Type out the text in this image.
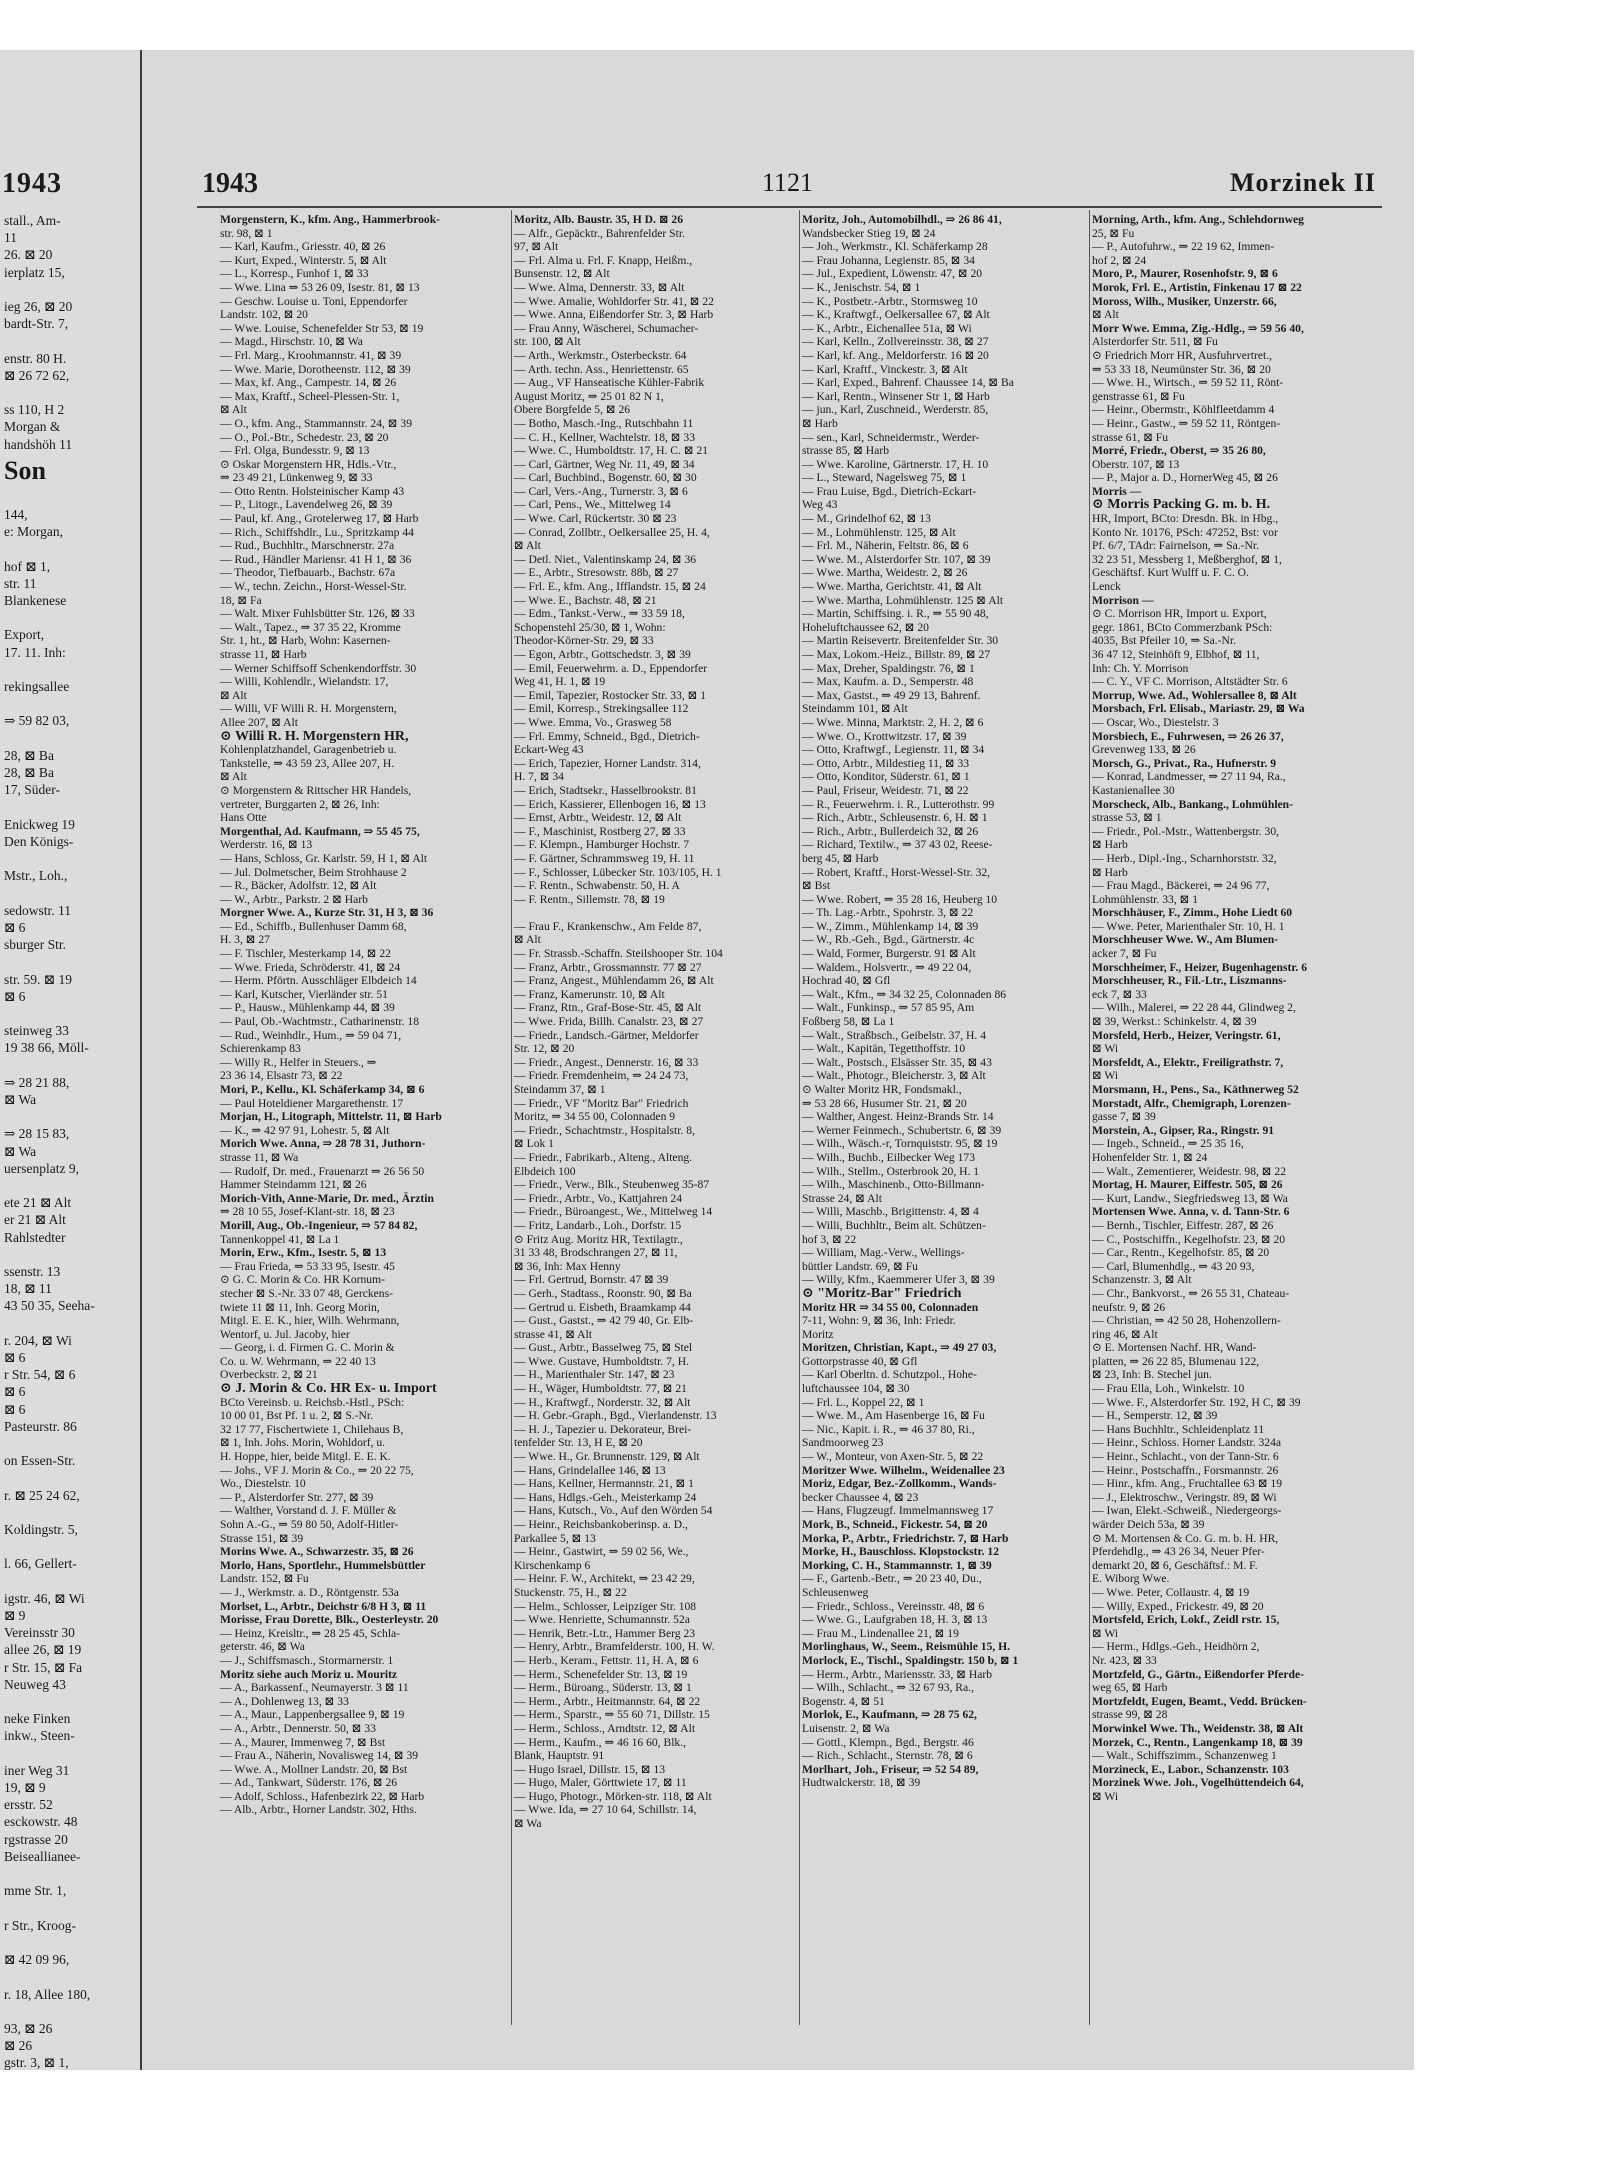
1943
stall., Am-
11
26. ⊠ 20
ierplatz 15,

ieg 26, ⊠ 20
bardt-Str. 7,

enstr. 80 H.
⊠ 26 72 62,

ss 110, H 2
Morgan &
handshöh 11
Son

144,
e: Morgan,

hof ⊠ 1,
str. 11
Blankenese

Export,
17. 11. Inh:

rekingsallee

⇒ 59 82 03,

28, ⊠ Ba
28, ⊠ Ba
17, Süder-

Enickweg 19
Den Königs-

Mstr., Loh.,

sedowstr. 11
⊠ 6
sburger Str.

str. 59. ⊠ 19
⊠ 6

steinweg 33
19 38 66, Möll-

⇒ 28 21 88,
⊠ Wa

⇒ 28 15 83,
⊠ Wa
uersenplatz 9,

ete 21 ⊠ Alt
er 21 ⊠ Alt
Rahlstedter

ssenstr. 13
18, ⊠ 11
43 50 35, Seeha-

r. 204, ⊠ Wi
⊠ 6
r Str. 54, ⊠ 6
⊠ 6
⊠ 6
Pasteurstr. 86

on Essen-Str.

r. ⊠ 25 24 62,

Koldingstr. 5,

l. 66, Gellert-

igstr. 46, ⊠ Wi
⊠ 9
Vereinsstr 30
allee 26, ⊠ 19
r Str. 15, ⊠ Fa
Neuweg 43

neke Finken
inkw., Steen-

iner Weg 31
19, ⊠ 9
ersstr. 52
esckowstr. 48
rgstrasse 20
Beiseallianee-

mme Str. 1,

r Str., Kroog-

⊠ 42 09 96,

r. 18, Allee 180,

93, ⊠ 26
⊠ 26
gstr. 3, ⊠ 1,
1943	1121	Morzinek II
Morgenstern, K., kfm. Ang., Hammerbrook-
str. 98, ⊠ 1
— Karl, Kaufm., Griesstr. 40, ⊠ 26
— Kurt, Exped., Winterstr. 5, ⊠ Alt
— L., Korresp., Funhof 1, ⊠ 33
— Wwe. Lina ⇒ 53 26 09, Isestr. 81, ⊠ 13
— Geschw. Louise u. Toni, Eppendorfer
Landstr. 102, ⊠ 20
— Wwe. Louise, Schenefelder Str 53, ⊠ 19
— Magd., Hirschstr. 10, ⊠ Wa
— Frl. Marg., Kroohmannstr. 41, ⊠ 39
— Wwe. Marie, Dorotheenstr. 112, ⊠ 39
— Max, kf. Ang., Campestr. 14, ⊠ 26
— Max, Kraftf., Scheel-Plessen-Str. 1,
⊠ Alt
— O., kfm. Ang., Stammannstr. 24, ⊠ 39
— O., Pol.-Btr., Schedestr. 23, ⊠ 20
— Frl. Olga, Bundesstr. 9, ⊠ 13
⊙ Oskar Morgenstern HR, Hdls.-Vtr.,
⇒ 23 49 21, Lünkenweg 9, ⊠ 33
— Otto Rentn. Holsteinischer Kamp 43
— P., Litogr., Lavendelweg 26, ⊠ 39
— Paul, kf. Ang., Grotelerweg 17, ⊠ Harb
— Rich., Schiffshdlr., Lu., Spritzkamp 44
— Rud., Buchhltr., Marschnerstr. 27a
— Rud., Händler Mariensr. 41 H 1, ⊠ 36
— Theodor, Tiefbauarb., Bachstr. 67a
— W., techn. Zeichn., Horst-Wessel-Str.
18, ⊠ Fa
— Walt. Mixer Fuhlsbütter Str. 126, ⊠ 33
— Walt., Tapez., ⇒ 37 35 22, Kromme
Str. 1, ht., ⊠ Harb, Wohn: Kasernen-
strasse 11, ⊠ Harb
— Werner Schiffsoff Schenkendorffstr. 30
— Willi, Kohlendlr., Wielandstr. 17,
⊠ Alt
— Willi, VF Willi R. H. Morgenstern,
Allee 207, ⊠ Alt
⊙ Willi R. H. Morgenstern HR,
Kohlenplatzhandel, Garagenbetrieb u.
Tankstelle, ⇒ 43 59 23, Allee 207, H.
⊠ Alt
⊙ Morgenstern & Rittscher HR Handels,
vertreter, Burggarten 2, ⊠ 26, Inh:
Hans Otte
Morgenthal, Ad. Kaufmann, ⇒ 55 45 75,
Werderstr. 16, ⊠ 13
— Hans, Schloss, Gr. Karlstr. 59, H 1, ⊠ Alt
— Jul. Dolmetscher, Beim Strohhause 2
— R., Bäcker, Adolfstr. 12, ⊠ Alt
— W., Arbtr., Parkstr. 2 ⊠ Harb
Morgner Wwe. A., Kurze Str. 31, H 3, ⊠ 36
— Ed., Schiffb., Bullenhuser Damm 68,
H. 3, ⊠ 27
— F. Tischler, Mesterkamp 14, ⊠ 22
— Wwe. Frieda, Schröderstr. 41, ⊠ 24
— Herm. Pförtn. Ausschläger Elbdeich 14
— Karl, Kutscher, Vierländer str. 51
— P., Hausw., Mühlenkamp 44, ⊠ 39
— Paul, Ob.-Wachtmstr., Catharinenstr. 18
— Rud., Weinhdlr., Hum., ⇒ 59 04 71,
Schierenkamp 83
— Willy R., Helfer in Steuers., ⇒
23 36 14, Elsastr 73, ⊠ 22
Mori, P., Kellu., Kl. Schäferkamp 34, ⊠ 6
— Paul Hoteldiener Margarethenstr. 17
Morjan, H., Litograph, Mittelstr. 11, ⊠ Harb
— K., ⇒ 42 97 91, Lohestr. 5, ⊠ Alt
Morich Wwe. Anna, ⇒ 28 78 31, Juthorn-
strasse 11, ⊠ Wa
— Rudolf, Dr. med., Frauenarzt ⇒ 26 56 50
Hammer Steindamm 121, ⊠ 26
Morich-Vith, Anne-Marie, Dr. med., Ärztin
⇒ 28 10 55, Josef-Klant-str. 18, ⊠ 23
Morill, Aug., Ob.-Ingenieur, ⇒ 57 84 82,
Tannenkoppel 41, ⊠ La 1
Morin, Erw., Kfm., Isestr. 5, ⊠ 13
— Frau Frieda, ⇒ 53 33 95, Isestr. 45
⊙ G. C. Morin & Co. HR Kornum-
stecher ⊠ S.-Nr. 33 07 48, Gerckens-
twiete 11 ⊠ 11, Inh. Georg Morin,
Mitgl. E. E. K., hier, Wilh. Wehrmann,
Wentorf, u. Jul. Jacoby, hier
— Georg, i. d. Firmen G. C. Morin &
Co. u. W. Wehrmann, ⇒ 22 40 13
Overbeckstr. 2, ⊠ 21
⊙ J. Morin & Co. HR Ex- u. Import
BCto Vereinsb. u. Reichsb.-Hstl., PSch:
10 00 01, Bst Pf. 1 u. 2, ⊠ S.-Nr.
32 17 77, Fischertwiete 1, Chilehaus B,
⊠ 1, Inh. Johs. Morin, Wohldorf, u.
H. Hoppe, hier, beide Mitgl. E. E. K.
— Johs., VF J. Morin & Co., ⇒ 20 22 75,
Wo., Diestelstr. 10
— P., Alsterdorfer Str. 277, ⊠ 39
— Walther, Vorstand d. J. F. Müller &
Sohn A.-G., ⇒ 59 80 50, Adolf-Hitler-
Strasse 151, ⊠ 39
Morins Wwe. A., Schwarzestr. 35, ⊠ 26
Morlo, Hans, Sportlehr., Hummelsbüttler
Landstr. 152, ⊠ Fu
— J., Werkmstr. a. D., Röntgenstr. 53a
Morlset, L., Arbtr., Deichstr 6/8 H 3, ⊠ 11
Morisse, Frau Dorette, Blk., Oesterleystr. 20
— Heinz, Kreisltr., ⇒ 28 25 45, Schla-
geterstr. 46, ⊠ Wa
— J., Schiffsmasch., Stormarnerstr. 1
Moritz siehe auch Moriz u. Mouritz
— A., Barkassenf., Neumayerstr. 3 ⊠ 11
— A., Dohlenweg 13, ⊠ 33
— A., Maur., Lappenbergsallee 9, ⊠ 19
— A., Arbtr., Dennerstr. 50, ⊠ 33
— A., Maurer, Immenweg 7, ⊠ Bst
— Frau A., Näherin, Novalisweg 14, ⊠ 39
— Wwe. A., Mollner Landstr. 20, ⊠ Bst
— Ad., Tankwart, Süderstr. 176, ⊠ 26
— Adolf, Schloss., Hafenbezirk 22, ⊠ Harb
— Alb., Arbtr., Horner Landstr. 302, Hths.
Moritz, Alb. Baustr. 35, H D. ⊠ 26
— Alfr., Gepäcktr., Bahrenfelder Str.
97, ⊠ Alt
— Frl. Alma u. Frl. F. Knapp, Heißm.,
Bunsenstr. 12, ⊠ Alt
— Wwe. Alma, Dennerstr. 33, ⊠ Alt
— Wwe. Amalie, Wohldorfer Str. 41, ⊠ 22
— Wwe. Anna, Eißendorfer Str. 3, ⊠ Harb
— Frau Anny, Wäscherei, Schumacher-
str. 100, ⊠ Alt
— Arth., Werkmstr., Osterbeckstr. 64
— Arth. techn. Ass., Henriettenstr. 65
— Aug., VF Hanseatische Kühler-Fabrik
August Moritz, ⇒ 25 01 82 N 1,
Obere Borgfelde 5, ⊠ 26
— Botho, Masch.-Ing., Rutschbahn 11
— C. H., Kellner, Wachtelstr. 18, ⊠ 33
— Wwe. C., Humboldtstr. 17, H. C. ⊠ 21
— Carl, Gärtner, Weg Nr. 11, 49, ⊠ 34
— Carl, Buchbind., Bogenstr. 60, ⊠ 30
— Carl, Vers.-Ang., Turnerstr. 3, ⊠ 6
— Carl, Pens., We., Mittelweg 14
— Wwe. Carl, Rückertstr. 30 ⊠ 23
— Conrad, Zollbtr., Oelkersallee 25, H. 4,
⊠ Alt
— Detl. Niet., Valentinskamp 24, ⊠ 36
— E., Arbtr., Stresowstr. 88b, ⊠ 27
— Frl. E., kfm. Ang., Ifflandstr. 15, ⊠ 24
— Wwe. E., Bachstr. 48, ⊠ 21
— Edm., Tankst.-Verw., ⇒ 33 59 18,
Schopenstehl 25/30, ⊠ 1, Wohn:
Theodor-Körner-Str. 29, ⊠ 33
— Egon, Arbtr., Gottschedstr. 3, ⊠ 39
— Emil, Feuerwehrm. a. D., Eppendorfer
Weg 41, H. 1, ⊠ 19
— Emil, Tapezier, Rostocker Str. 33, ⊠ 1
— Emil, Korresp., Strekingsallee 112
— Wwe. Emma, Vo., Grasweg 58
— Frl. Emmy, Schneid., Bgd., Dietrich-
Eckart-Weg 43
— Erich, Tapezier, Horner Landstr. 314,
H. 7, ⊠ 34
— Erich, Stadtsekr., Hasselbrookstr. 81
— Erich, Kassierer, Ellenbogen 16, ⊠ 13
— Ernst, Arbtr., Weidestr. 12, ⊠ Alt
— F., Maschinist, Rostberg 27, ⊠ 33
— F. Klempn., Hamburger Hochstr. 7
— F. Gärtner, Schrammsweg 19, H. 11
— F., Schlosser, Lübecker Str. 103/105, H. 1
— F. Rentn., Schwabenstr. 50, H. A
— F. Rentn., Sillemstr. 78, ⊠ 19

— Frau F., Krankenschw., Am Felde 87,
⊠ Alt
— Fr. Strassb.-Schaffn. Steilshooper Str. 104
— Franz, Arbtr., Grossmannstr. 77 ⊠ 27
— Franz, Angest., Mühlendamm 26, ⊠ Alt
— Franz, Kamerunstr. 10, ⊠ Alt
— Franz, Rtn., Graf-Bose-Str. 45, ⊠ Alt
— Wwe. Frida, Billh. Canalstr. 23, ⊠ 27
— Friedr., Landsch.-Gärtner, Meldorfer
Str. 12, ⊠ 20
— Friedr., Angest., Dennerstr. 16, ⊠ 33
— Friedr. Fremdenheim, ⇒ 24 24 73,
Steindamm 37, ⊠ 1
— Friedr., VF "Moritz Bar" Friedrich
Moritz, ⇒ 34 55 00, Colonnaden 9
— Friedr., Schachtmstr., Hospitalstr. 8,
⊠ Lok 1
— Friedr., Fabrikarb., Alteng., Alteng.
Elbdeich 100
— Friedr., Verw., Blk., Steubenweg 35-87
— Friedr., Arbtr., Vo., Kattjahren 24
— Friedr., Büroangest., We., Mittelweg 14
— Fritz, Landarb., Loh., Dorfstr. 15
⊙ Fritz Aug. Moritz HR, Textilagtr.,
31 33 48, Brodschrangen 27, ⊠ 11,
⊠ 36, Inh: Max Henny
— Frl. Gertrud, Bornstr. 47 ⊠ 39
— Gerh., Stadtass., Roonstr. 90, ⊠ Ba
— Gertrud u. Eisbeth, Braamkamp 44
— Gust., Gastst., ⇒ 42 79 40, Gr. Elb-
strasse 41, ⊠ Alt
— Gust., Arbtr., Basselweg 75, ⊠ Stel
— Wwe. Gustave, Humboldtstr. 7, H.
— H., Marienthaler Str. 147, ⊠ 23
— H., Wäger, Humboldtstr. 77, ⊠ 21
— H., Kraftwgf., Norderstr. 32, ⊠ Alt
— H. Gebr.-Graph., Bgd., Vierlandenstr. 13
— H. J., Tapezier u. Dekorateur, Brei-
tenfelder Str. 13, H E, ⊠ 20
— Wwe. H., Gr. Brunnenstr. 129, ⊠ Alt
— Hans, Grindelallee 146, ⊠ 13
— Hans, Kellner, Hermannstr. 21, ⊠ 1
— Hans, Hdlgs.-Geh., Meisterkamp 24
— Hans, Kutsch., Vo., Auf den Wörden 54
— Heinr., Reichsbankoberinsp. a. D.,
Parkallee 5, ⊠ 13
— Heinr., Gastwirt, ⇒ 59 02 56, We.,
Kirschenkamp 6
— Heinr. F. W., Architekt, ⇒ 23 42 29,
Stuckenstr. 75, H., ⊠ 22
— Helm., Schlosser, Leipziger Str. 108
— Wwe. Henriette, Schumannstr. 52a
— Henrik, Betr.-Ltr., Hammer Berg 23
— Henry, Arbtr., Bramfelderstr. 100, H. W.
— Herb., Keram., Fettstr. 11, H. A, ⊠ 6
— Herm., Schenefelder Str. 13, ⊠ 19
— Herm., Büroang., Süderstr. 13, ⊠ 1
— Herm., Arbtr., Heitmannstr. 64, ⊠ 22
— Herm., Sparstr., ⇒ 55 60 71, Dillstr. 15
— Herm., Schloss., Arndtstr. 12, ⊠ Alt
— Herm., Kaufm., ⇒ 46 16 60, Blk.,
Blank, Hauptstr. 91
— Hugo Israel, Dillstr. 15, ⊠ 13
— Hugo, Maler, Görttwiete 17, ⊠ 11
— Hugo, Photogr., Mörken-str. 118, ⊠ Alt
— Wwe. Ida, ⇒ 27 10 64, Schillstr. 14,
⊠ Wa
Moritz, Joh., Automobilhdl., ⇒ 26 86 41,
Wandsbecker Stieg 19, ⊠ 24
— Joh., Werkmstr., Kl. Schäferkamp 28
— Frau Johanna, Legienstr. 85, ⊠ 34
— Jul., Expedient, Löwenstr. 47, ⊠ 20
— K., Jenischstr. 54, ⊠ 1
— K., Postbetr.-Arbtr., Stormsweg 10
— K., Kraftwgf., Oelkersallee 67, ⊠ Alt
— K., Arbtr., Eichenallee 51a, ⊠ Wi
— Karl, Kelln., Zollvereinsstr. 38, ⊠ 27
— Karl, kf. Ang., Meldorferstr. 16 ⊠ 20
— Karl, Kraftf., Vinckestr. 3, ⊠ Alt
— Karl, Exped., Bahrenf. Chaussee 14, ⊠ Ba
— Karl, Rentn., Winsener Str 1, ⊠ Harb
— jun., Karl, Zuschneid., Werderstr. 85,
⊠ Harb
— sen., Karl, Schneidermstr., Werder-
strasse 85, ⊠ Harb
— Wwe. Karoline, Gärtnerstr. 17, H. 10
— L., Steward, Nagelsweg 75, ⊠ 1
— Frau Luise, Bgd., Dietrich-Eckart-
Weg 43
— M., Grindelhof 62, ⊠ 13
— M., Lohmühlenstr. 125, ⊠ Alt
— Frl. M., Näherin, Feltstr. 86, ⊠ 6
— Wwe. M., Alsterdorfer Str. 107, ⊠ 39
— Wwe. Martha, Weidestr. 2, ⊠ 26
— Wwe. Martha, Gerichtstr. 41, ⊠ Alt
— Wwe. Martha, Lohmühlenstr. 125 ⊠ Alt
— Martin, Schiffsing. i. R., ⇒ 55 90 48,
Hoheluftchaussee 62, ⊠ 20
— Martin Reisevertr. Breitenfelder Str. 30
— Max, Lokom.-Heiz., Billstr. 89, ⊠ 27
— Max, Dreher, Spaldingstr. 76, ⊠ 1
— Max, Kaufm. a. D., Semperstr. 48
— Max, Gastst., ⇒ 49 29 13, Bahrenf.
Steindamm 101, ⊠ Alt
— Wwe. Minna, Marktstr. 2, H. 2, ⊠ 6
— Wwe. O., Krottwitzstr. 17, ⊠ 39
— Otto, Kraftwgf., Legienstr. 11, ⊠ 34
— Otto, Arbtr., Mildestieg 11, ⊠ 33
— Otto, Konditor, Süderstr. 61, ⊠ 1
— Paul, Friseur, Weidestr. 71, ⊠ 22
— R., Feuerwehrm. i. R., Lutterothstr. 99
— Rich., Arbtr., Schleusenstr. 6, H. ⊠ 1
— Rich., Arbtr., Bullerdeich 32, ⊠ 26
— Richard, Textilw., ⇒ 37 43 02, Reese-
berg 45, ⊠ Harb
— Robert, Kraftf., Horst-Wessel-Str. 32,
⊠ Bst
— Wwe. Robert, ⇒ 35 28 16, Heuberg 10
— Th. Lag.-Arbtr., Spohrstr. 3, ⊠ 22
— W., Zimm., Mühlenkamp 14, ⊠ 39
— W., Rb.-Geh., Bgd., Gärtnerstr. 4c
— Wald, Former, Burgerstr. 91 ⊠ Alt
— Waldem., Holsvertr., ⇒ 49 22 04,
Hochrad 40, ⊠ Gfl
— Walt., Kfm., ⇒ 34 32 25, Colonnaden 86
— Walt., Funkinsp., ⇒ 57 85 95, Am
Foßberg 58, ⊠ La 1
— Walt., Straßbsch., Geibelstr. 37, H. 4
— Walt., Kapitän, Tegetthoffstr. 10
— Walt., Postsch., Elsässer Str. 35, ⊠ 43
— Walt., Photogr., Bleicherstr. 3, ⊠ Alt
⊙ Walter Moritz HR, Fondsmakl.,
⇒ 53 28 66, Husumer Str. 21, ⊠ 20
— Walther, Angest. Heinz-Brands Str. 14
— Werner Feinmech., Schubertstr. 6, ⊠ 39
— Wilh., Wäsch.-r, Tornquiststr. 95, ⊠ 19
— Wilh., Buchb., Eilbecker Weg 173
— Wilh., Stellm., Osterbrook 20, H. 1
— Wilh., Maschinenb., Otto-Billmann-
Strasse 24, ⊠ Alt
— Willi, Maschb., Brigittenstr. 4, ⊠ 4
— Willi, Buchhltr., Beim alt. Schützen-
hof 3, ⊠ 22
— William, Mag.-Verw., Wellings-
büttler Landstr. 69, ⊠ Fu
— Willy, Kfm., Kaemmerer Ufer 3, ⊠ 39
⊙ "Moritz-Bar" Friedrich
Moritz HR ⇒ 34 55 00, Colonnaden
7-11, Wohn: 9, ⊠ 36, Inh: Friedr.
Moritz
Moritzen, Christian, Kapt., ⇒ 49 27 03,
Gottorpstrasse 40, ⊠ Gfl
— Karl Oberltn. d. Schutzpol., Hohe-
luftchaussee 104, ⊠ 30
— Frl. L., Koppel 22, ⊠ 1
— Wwe. M., Am Hasenberge 16, ⊠ Fu
— Nic., Kapit. i. R., ⇒ 46 37 80, Ri.,
Sandmoorweg 23
— W., Monteur, von Axen-Str. 5, ⊠ 22
Moritzer Wwe. Wilhelm., Weidenallee 23
Moriz, Edgar, Bez.-Zollkomm., Wands-
becker Chaussee 4, ⊠ 23
— Hans, Flugzeugf. Immelmannsweg 17
Mork, B., Schneid., Fickestr. 54, ⊠ 20
Morka, P., Arbtr., Friedrichstr. 7, ⊠ Harb
Morke, H., Bauschloss. Klopstockstr. 12
Morking, C. H., Stammannstr. 1, ⊠ 39
— F., Gartenb.-Betr., ⇒ 20 23 40, Du.,
Schleusenweg
— Friedr., Schloss., Vereinsstr. 48, ⊠ 6
— Wwe. G., Laufgraben 18, H. 3, ⊠ 13
— Frau M., Lindenallee 21, ⊠ 19
Morlinghaus, W., Seem., Reismühle 15, H.
Morlock, E., Tischl., Spaldingstr. 150 b, ⊠ 1
— Herm., Arbtr., Mariensstr. 33, ⊠ Harb
— Wilh., Schlacht., ⇒ 32 67 93, Ra.,
Bogenstr. 4, ⊠ 51
Morlok, E., Kaufmann, ⇒ 28 75 62,
Luisenstr. 2, ⊠ Wa
— Gottl., Klempn., Bgd., Bergstr. 46
— Rich., Schlacht., Sternstr. 78, ⊠ 6
Morlhart, Joh., Friseur, ⇒ 52 54 89,
Hudtwalckerstr. 18, ⊠ 39
Morning, Arth., kfm. Ang., Schlehdornweg
25, ⊠ Fu
— P., Autofuhrw., ⇒ 22 19 62, Immen-
hof 2, ⊠ 24
Moro, P., Maurer, Rosenhofstr. 9, ⊠ 6
Morok, Frl. E., Artistin, Finkenau 17 ⊠ 22
Moross, Wilh., Musiker, Unzerstr. 66,
⊠ Alt
Morr Wwe. Emma, Zig.-Hdlg., ⇒ 59 56 40,
Alsterdorfer Str. 511, ⊠ Fu
⊙ Friedrich Morr HR, Ausfuhrvertret.,
⇒ 53 33 18, Neumünster Str. 36, ⊠ 20
— Wwe. H., Wirtsch., ⇒ 59 52 11, Rönt-
genstrasse 61, ⊠ Fu
— Heinr., Obermstr., Köhlfleetdamm 4
— Heinr., Gastw., ⇒ 59 52 11, Röntgen-
strasse 61, ⊠ Fu
Morré, Friedr., Oberst, ⇒ 35 26 80,
Oberstr. 107, ⊠ 13
— P., Major a. D., HornerWeg 45, ⊠ 26
Morris —
⊙ Morris Packing G. m. b. H.
HR, Import, BCto: Dresdn. Bk. in Hbg.,
Konto Nr. 10176, PSch: 47252, Bst: vor
Pf. 6/7, TAdr: Fairnelson, ⇒ Sa.-Nr.
32 23 51, Messberg 1, Meßberghof, ⊠ 1,
Geschäftsf. Kurt Wulff u. F. C. O.
Lenck
Morrison —
⊙ C. Morrison HR, Import u. Export,
gegr. 1861, BCto Commerzbank PSch:
4035, Bst Pfeiler 10, ⇒ Sa.-Nr.
36 47 12, Steinhöft 9, Elbhof, ⊠ 11,
Inh: Ch. Y. Morrison
— C. Y., VF C. Morrison, Altstädter Str. 6
Morrup, Wwe. Ad., Wohlersallee 8, ⊠ Alt
Morsbach, Frl. Elisab., Mariastr. 29, ⊠ Wa
— Oscar, Wo., Diestelstr. 3
Morsbiech, E., Fuhrwesen, ⇒ 26 26 37,
Grevenweg 133, ⊠ 26
Morsch, G., Privat., Ra., Hufnerstr. 9
— Konrad, Landmesser, ⇒ 27 11 94, Ra.,
Kastanienallee 30
Morscheck, Alb., Bankang., Lohmühlen-
strasse 53, ⊠ 1
— Friedr., Pol.-Mstr., Wattenbergstr. 30,
⊠ Harb
— Herb., Dipl.-Ing., Scharnhorststr. 32,
⊠ Harb
— Frau Magd., Bäckerei, ⇒ 24 96 77,
Lohmühlenstr. 33, ⊠ 1
Morschhäuser, F., Zimm., Hohe Liedt 60
— Wwe. Peter, Marienthaler Str. 10, H. 1
Morschheuser Wwe. W., Am Blumen-
acker 7, ⊠ Fu
Morschheimer, F., Heizer, Bugenhagenstr. 6
Morschheuser, R., Fil.-Ltr., Liszmanns-
eck 7, ⊠ 33
— Wilh., Malerei, ⇒ 22 28 44, Glindweg 2,
⊠ 39, Werkst.: Schinkelstr. 4, ⊠ 39
Morsfeld, Herb., Heizer, Veringstr. 61,
⊠ Wi
Morsfeldt, A., Elektr., Freiligrathstr. 7,
⊠ Wi
Morsmann, H., Pens., Sa., Käthnerweg 52
Morstadt, Alfr., Chemigraph, Lorenzen-
gasse 7, ⊠ 39
Morstein, A., Gipser, Ra., Ringstr. 91
— Ingeb., Schneid., ⇒ 25 35 16,
Hohenfelder Str. 1, ⊠ 24
— Walt., Zementierer, Weidestr. 98, ⊠ 22
Mortag, H. Maurer, Eiffestr. 505, ⊠ 26
— Kurt, Landw., Siegfriedsweg 13, ⊠ Wa
Mortensen Wwe. Anna, v. d. Tann-Str. 6
— Bernh., Tischler, Eiffestr. 287, ⊠ 26
— C., Postschiffn., Kegelhofstr. 23, ⊠ 20
— Car., Rentn., Kegelhofstr. 85, ⊠ 20
— Carl, Blumenhdlg., ⇒ 43 20 93,
Schanzenstr. 3, ⊠ Alt
— Chr., Bankvorst., ⇒ 26 55 31, Chateau-
neufstr. 9, ⊠ 26
— Christian, ⇒ 42 50 28, Hohenzollern-
ring 46, ⊠ Alt
⊙ E. Mortensen Nachf. HR, Wand-
platten, ⇒ 26 22 85, Blumenau 122,
⊠ 23, Inh: B. Stechel jun.
— Frau Ella, Loh., Winkelstr. 10
— Wwe. F., Alsterdorfer Str. 192, H C, ⊠ 39
— H., Semperstr. 12, ⊠ 39
— Hans Buchhltr., Schleidenplatz 11
— Heinr., Schloss. Horner Landstr. 324a
— Heinr., Schlacht., von der Tann-Str. 6
— Heinr., Postschaffn., Forsmannstr. 26
— Hinr., kfm. Ang., Fruchtallee 63 ⊠ 19
— J., Elektroschw., Veringstr. 89, ⊠ Wi
— Iwan, Elekt.-Schweiß., Niedergeorgs-
wärder Deich 53a, ⊠ 39
⊙ M. Mortensen & Co. G. m. b. H. HR,
Pferdehdlg., ⇒ 43 26 34, Neuer Pfer-
demarkt 20, ⊠ 6, Geschäftsf.: M. F.
E. Wiborg Wwe.
— Wwe. Peter, Collaustr. 4, ⊠ 19
— Willy, Exped., Frickestr. 49, ⊠ 20
Mortsfeld, Erich, Lokf., Zeidl rstr. 15,
⊠ Wi
— Herm., Hdlgs.-Geh., Heidhörn 2,
Nr. 423, ⊠ 33
Mortzfeld, G., Gärtn., Eißendorfer Pferde-
weg 65, ⊠ Harb
Mortzfeldt, Eugen, Beamt., Vedd. Brücken-
strasse 99, ⊠ 28
Morwinkel Wwe. Th., Weidenstr. 38, ⊠ Alt
Morzek, C., Rentn., Langenkamp 18, ⊠ 39
— Walt., Schiffszimm., Schanzenweg 1
Morzineck, E., Labor., Schanzenstr. 103
Morzinek Wwe. Joh., Vogelhüttendeich 64,
⊠ Wi
